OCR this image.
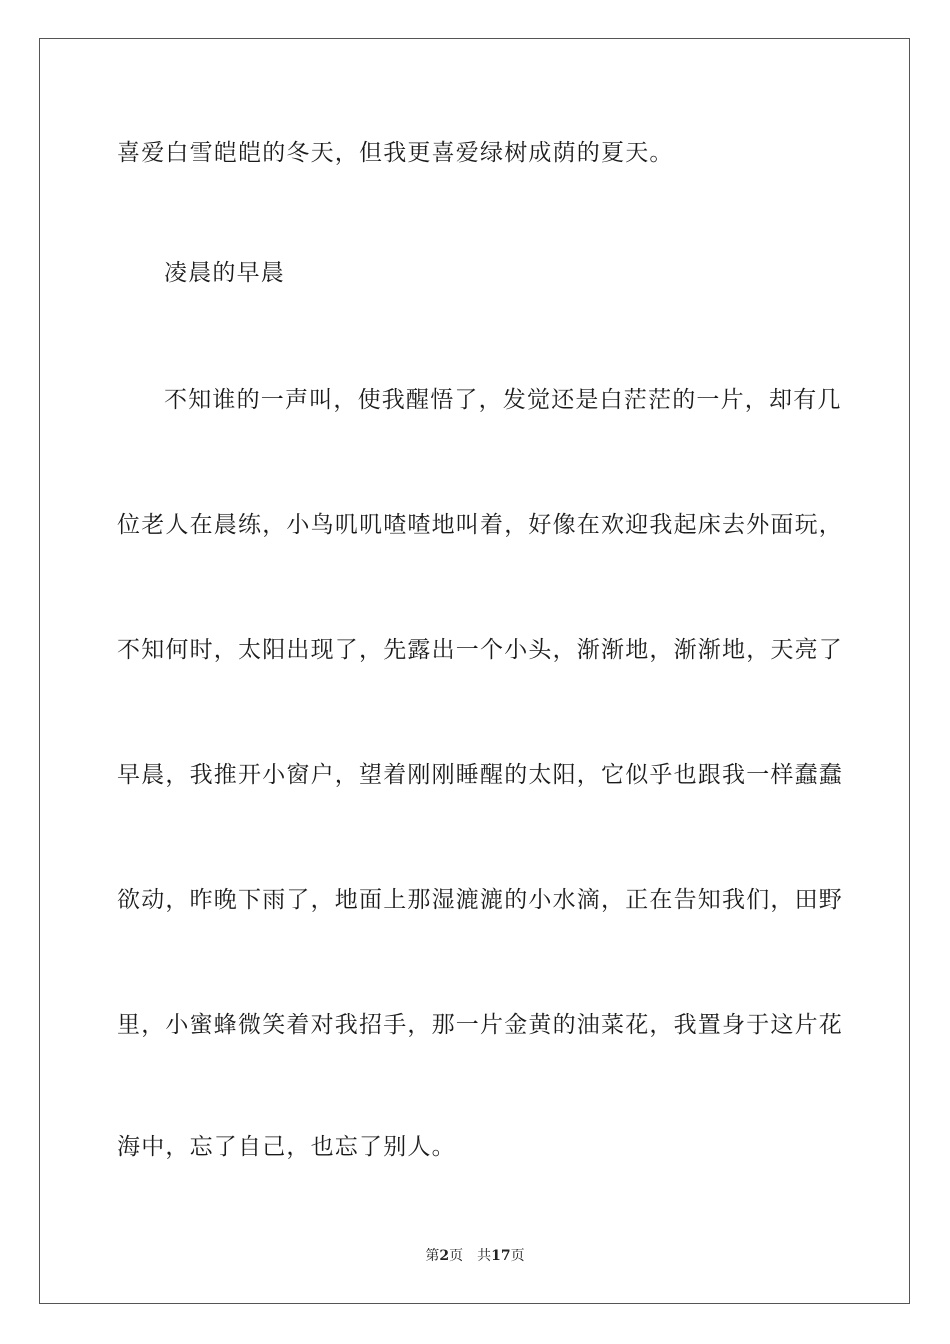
喜爱白雪皑皑的冬天，但我更喜爱绿树成荫的夏天。
凌晨的早晨
不知谁的一声叫，使我醒悟了，发觉还是白茫茫的一片，却有几
位老人在晨练，小鸟叽叽喳喳地叫着，好像在欢迎我起床去外面玩，
不知何时，太阳出现了，先露出一个小头，渐渐地，渐渐地，天亮了
早晨，我推开小窗户，望着刚刚睡醒的太阳，它似乎也跟我一样蠢蠢
欲动，昨晚下雨了，地面上那湿漉漉的小水滴，正在告知我们，田野
里，小蜜蜂微笑着对我招手，那一片金黄的油菜花，我置身于这片花
海中，忘了自己，也忘了别人。
第2页 共17页
